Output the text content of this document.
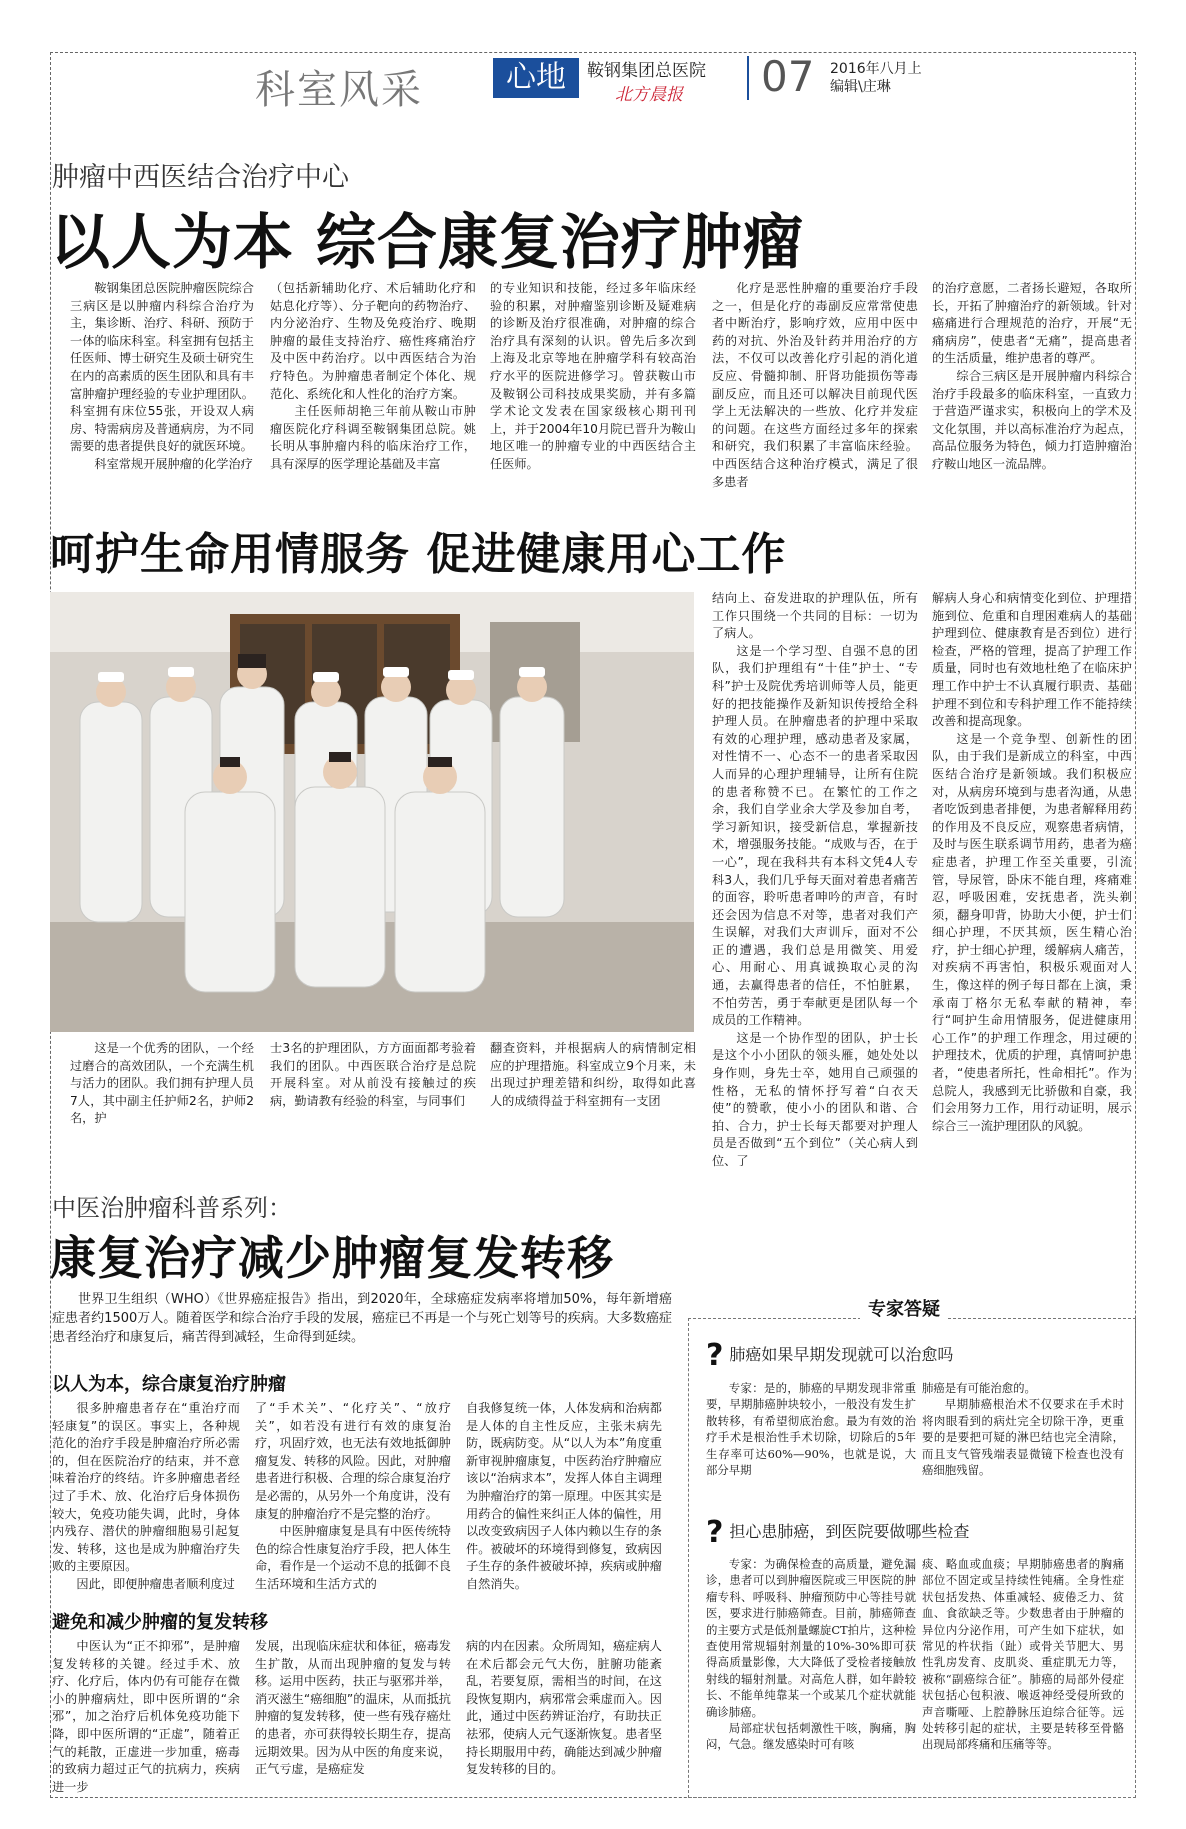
科室风采	心地	鞍钢集团总医院
北方晨报 07 2016年八月上
编辑\庄琳
肿瘤中西医结合治疗中心
以人为本 综合康复治疗肿瘤

鞍钢集团总医院肿瘤医院综合三病区是以肿瘤内科综合治疗为主，集诊断、治疗、科研、预防于一体的临床科室。科室拥有包括主任医师、博士研究生及硕士研究生在内的高素质的医生团队和具有丰富肿瘤护理经验的专业护理团队。科室拥有床位55张，开设双人病房、特需病房及普通病房，为不同需要的患者提供良好的就医环境。

科室常规开展肿瘤的化学治疗

（包括新辅助化疗、术后辅助化疗和姑息化疗等）、分子靶向的药物治疗、内分泌治疗、生物及免疫治疗、晚期肿瘤的最佳支持治疗、癌性疼痛治疗及中医中药治疗。以中西医结合为治疗特色。为肿瘤患者制定个体化、规范化、系统化和人性化的治疗方案。

主任医师胡艳三年前从鞍山市肿瘤医院化疗科调至鞍钢集团总院。姚长明从事肿瘤内科的临床治疗工作，具有深厚的医学理论基础及丰富

的专业知识和技能，经过多年临床经验的积累，对肿瘤鉴别诊断及疑难病的诊断及治疗很准确，对肿瘤的综合治疗具有深刻的认识。曾先后多次到上海及北京等地在肿瘤学科有较高治疗水平的医院进修学习。曾获鞍山市及鞍钢公司科技成果奖励，并有多篇学术论文发表在国家级核心期刊刊上，并于2004年10月院已晋升为鞍山地区唯一的肿瘤专业的中西医结合主任医师。

化疗是恶性肿瘤的重要治疗手段之一，但是化疗的毒副反应常常使患者中断治疗，影响疗效，应用中医中药的对抗、外治及针药并用治疗的方法，不仅可以改善化疗引起的消化道反应、骨髓抑制、肝肾功能损伤等毒副反应，而且还可以解决目前现代医学上无法解决的一些放、化疗并发症的问题。在这些方面经过多年的探索和研究，我们积累了丰富临床经验。中西医结合这种治疗模式，满足了很多患者

的治疗意愿，二者扬长避短，各取所长，开拓了肿瘤治疗的新领域。针对癌痛进行合理规范的治疗，开展“无痛病房”，使患者“无痛”，提高患者的生活质量，维护患者的尊严。

综合三病区是开展肿瘤内科综合治疗手段最多的临床科室，一直致力于营造严谨求实，积极向上的学术及文化氛围，并以高标准治疗为起点，高品位服务为特色，倾力打造肿瘤治疗鞍山地区一流品牌。

呵护生命用情服务 促进健康用心工作

这是一个优秀的团队，一个经过磨合的高效团队，一个充满生机与活力的团队。我们拥有护理人员7人，其中副主任护师2名，护师2名，护

士3名的护理团队，方方面面都考验着我们的团队。中西医联合治疗是总院开展科室。对从前没有接触过的疾病，勤请教有经验的科室，与同事们

翻查资料，并根据病人的病情制定相应的护理措施。科室成立9个月来，未出现过护理差错和纠纷，取得如此喜人的成绩得益于科室拥有一支团

结向上、奋发进取的护理队伍，所有工作只围绕一个共同的目标：一切为了病人。

这是一个学习型、自强不息的团队，我们护理组有“十佳”护士、“专科”护士及院优秀培训师等人员，能更好的把技能操作及新知识传授给全科护理人员。在肿瘤患者的护理中采取有效的心理护理，感动患者及家属，对性情不一、心态不一的患者采取因人而异的心理护理辅导，让所有住院的患者称赞不已。在繁忙的工作之余，我们自学业余大学及参加自考，学习新知识，接受新信息，掌握新技术，增强服务技能。“成败与否，在于一心”，现在我科共有本科文凭4人专科3人，我们几乎每天面对着患者痛苦的面容，聆听患者呻吟的声音，有时还会因为信息不对等，患者对我们产生误解，对我们大声训斥，面对不公正的遭遇，我们总是用微笑、用爱心、用耐心、用真诚换取心灵的沟通，去赢得患者的信任，不怕脏累，不怕劳苦，勇于奉献更是团队每一个成员的工作精神。

这是一个协作型的团队，护士长是这个小小团队的领头雁，她处处以身作则，身先士卒，她用自己顽强的性格，无私的情怀抒写着“白衣天使”的赞歌，使小小的团队和谐、合拍、合力，护士长每天都要对护理人员是否做到“五个到位”（关心病人到位、了

解病人身心和病情变化到位、护理措施到位、危重和自理困难病人的基础护理到位、健康教育是否到位）进行检查，严格的管理，提高了护理工作质量，同时也有效地杜绝了在临床护理工作中护士不认真履行职责、基础护理不到位和专科护理工作不能持续改善和提高现象。

这是一个竞争型、创新性的团队，由于我们是新成立的科室，中西医结合治疗是新领域。我们积极应对，从病房环境到与患者沟通，从患者吃饭到患者排便，为患者解释用药的作用及不良反应，观察患者病情，及时与医生联系调节用药，患者为癌症患者，护理工作至关重要，引流管，导尿管，卧床不能自理，疼痛难忍，呼吸困难，安抚患者，洗头剃须，翻身叩背，协助大小便，护士们细心护理，不厌其烦，医生精心治疗，护士细心护理，缓解病人痛苦，对疾病不再害怕，积极乐观面对人生，像这样的例子每日都在上演，秉承南丁格尔无私奉献的精神，奉行“呵护生命用情服务，促进健康用心工作”的护理工作理念，用过硬的护理技术，优质的护理，真情呵护患者，“使患者所托，性命相托”。作为总院人，我感到无比骄傲和自豪，我们会用努力工作，用行动证明，展示综合三一流护理团队的风貌。

中医治肿瘤科普系列：
康复治疗减少肿瘤复发转移

世界卫生组织（WHO）《世界癌症报告》指出，到2020年，全球癌症发病率将增加50%，每年新增癌症患者约1500万人。随着医学和综合治疗手段的发展，癌症已不再是一个与死亡划等号的疾病。大多数癌症患者经治疗和康复后，痛苦得到减轻，生命得到延续。

以人为本，综合康复治疗肿瘤

很多肿瘤患者存在“重治疗而轻康复”的误区。事实上，各种规范化的治疗手段是肿瘤治疗所必需的，但在医院治疗的结束，并不意味着治疗的终结。许多肿瘤患者经过了手术、放、化治疗后身体损伤较大，免疫功能失调，此时，身体内残存、潜伏的肿瘤细胞易引起复发、转移，这也是成为肿瘤治疗失败的主要原因。

因此，即便肿瘤患者顺利度过

了“手术关”、“化疗关”、“放疗关”，如若没有进行有效的康复治疗，巩固疗效，也无法有效地抵御肿瘤复发、转移的风险。因此，对肿瘤患者进行积极、合理的综合康复治疗是必需的，从另外一个角度讲，没有康复的肿瘤治疗不是完整的治疗。

中医肿瘤康复是具有中医传统特色的综合性康复治疗手段，把人体生命，看作是一个运动不息的抵御不良生活环境和生活方式的

自我修复统一体，人体发病和治病都是人体的自主性反应，主张未病先防，既病防变。从“以人为本”角度重新审视肿瘤康复，中医药治疗肿瘤应该以“治病求本”，发挥人体自主调理为肿瘤治疗的第一原理。中医其实是用药合的偏性来纠正人体的偏性，用以改变致病因子人体内赖以生存的条件。被破坏的环境得到修复，致病因子生存的条件被破坏掉，疾病或肿瘤自然消失。

避免和减少肿瘤的复发转移

中医认为“正不抑邪”，是肿瘤复发转移的关键。经过手术、放疗、化疗后，体内仍有可能存在微小的肿瘤病灶，即中医所谓的“余邪”，加之治疗后机体免疫功能下降，即中医所谓的“正虚”，随着正气的耗散，正虚进一步加重，癌毒的致病力超过正气的抗病力，疾病进一步

发展，出现临床症状和体征，癌毒发生扩散，从而出现肿瘤的复发与转移。运用中医药，扶正与驱邪并举，消灭滋生“癌细胞”的温床，从而抵抗肿瘤的复发转移，使一些有残存癌灶的患者，亦可获得较长期生存，提高远期效果。因为从中医的角度来说，正气亏虚，是癌症发

病的内在因素。众所周知，癌症病人在术后都会元气大伤，脏腑功能紊乱，若要复原，需相当的时间，在这段恢复期内，病邪常会乘虚而入。因此，通过中医药辨证治疗，有助扶正祛邪，使病人元气逐渐恢复。患者坚持长期服用中药，确能达到减少肿瘤复发转移的目的。

专家答疑
? 肺癌如果早期发现就可以治愈吗

专家：是的，肺癌的早期发现非常重要，早期肺癌肿块较小，一般没有发生扩散转移，有希望彻底治愈。最为有效的治疗手术是根治性手术切除，切除后的5年生存率可达60%—90%，也就是说，大部分早期

肺癌是有可能治愈的。

早期肺癌根治术不仅要求在手术时将肉眼看到的病灶完全切除干净，更重要的是要把可疑的淋巴结也完全清除，而且支气管残端表显微镜下检查也没有癌细胞残留。

? 担心患肺癌，到医院要做哪些检查

专家：为确保检查的高质量，避免漏诊，患者可以到肿瘤医院或三甲医院的肿瘤专科、呼吸科、肿瘤预防中心等挂号就医，要求进行肺癌筛查。目前，肺癌筛查的主要方式是低剂量螺旋CT拍片，这种检查使用常规辐射剂量的10%-30%即可获得高质量影像，大大降低了受检者接触放射线的辐射剂量。对高危人群，如年龄较长、不能单纯靠某一个或某几个症状就能确诊肺癌。

局部症状包括刺激性干咳，胸痛，胸闷，气急。继发感染时可有咳

痰、略血或血痰；早期肺癌患者的胸痛部位不固定或呈持续性钝痛。全身性症状包括发热、体重减轻、疲倦乏力、贫血、食欲缺乏等。少数患者由于肿瘤的异位内分泌作用，可产生如下症状，如常见的杵状指（趾）或骨关节肥大、男性乳房发育、皮肌炎、重症肌无力等，被称“副癌综合征”。肺癌的局部外侵症状包括心包积液、喉返神经受侵所致的声音嘶哑、上腔静脉压迫综合征等。远处转移引起的症状，主要是转移至骨骼出现局部疼痛和压痛等等。
